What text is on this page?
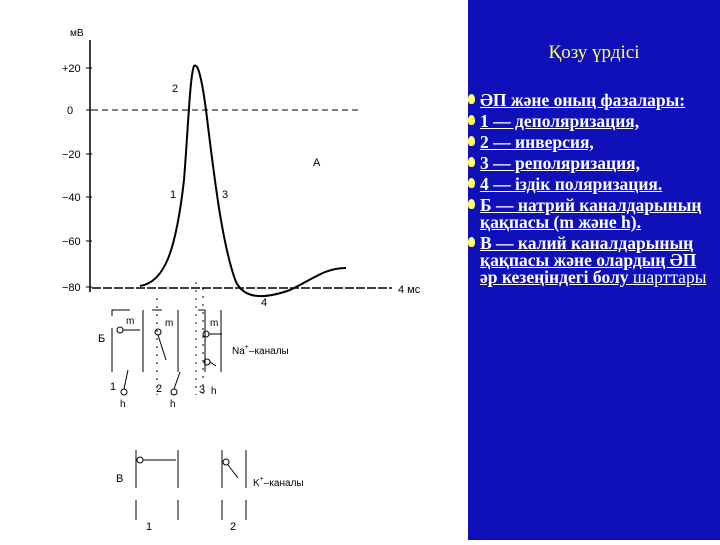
мВ
+20
0
−20
−40
−60
−80	4 мс
2
1	3
4
А
Б
m
h
1
m
h
2
m
h
3
Na+–каналы
В
1	2
K+–каналы
Қозу үрдісі
ӘП және оның фазалары:
1 — деполяризация,
2 — инверсия,
3 — реполяризация,
4 — іздік поляризация.
Б — натрий каналдарының қақпасы (m және h).
В — калий каналдарының қақпасы және олардың ӘП әр кезеңіндегі болу шарттары
